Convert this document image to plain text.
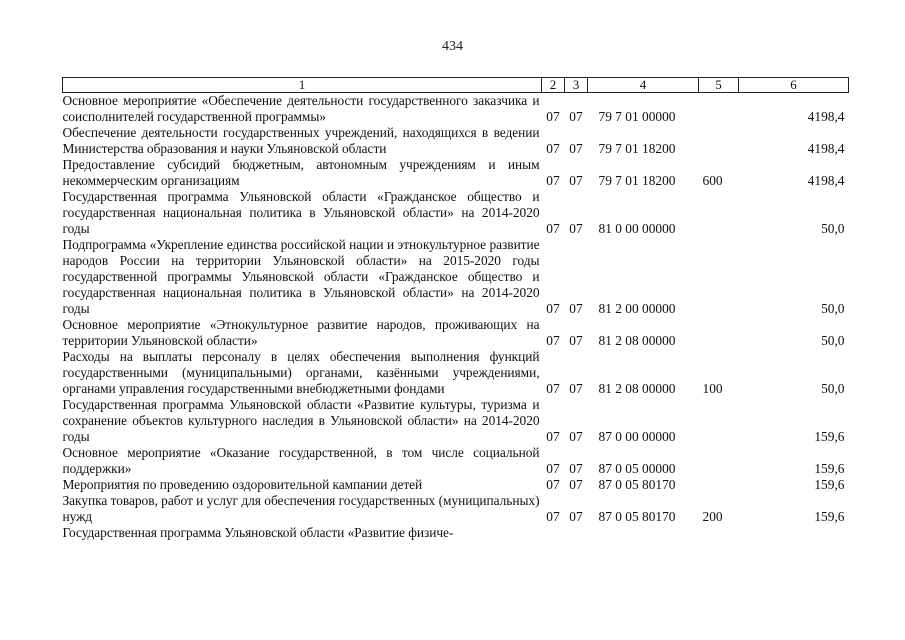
434
1	2	3	4	5	6
Основное мероприятие «Обеспечение деятельности государственного заказчика и соисполнителей государственной программы»	07	07	79 7 01 00000		4198,4
Обеспечение деятельности государственных учреждений, находящихся в ведении Министерства образования и науки Ульяновской области	07	07	79 7 01 18200		4198,4
Предоставление субсидий бюджетным, автономным учреждениям и иным некоммерческим организациям	07	07	79 7 01 18200	600	4198,4
Государственная программа Ульяновской области «Гражданское общество и государственная национальная политика в Ульяновской области» на 2014-2020 годы	07	07	81 0 00 00000		50,0
Подпрограмма «Укрепление единства российской нации и этнокультурное развитие народов России на территории Ульяновской области» на 2015-2020 годы государственной программы Ульяновской области «Гражданское общество и государственная национальная политика в Ульяновской области» на 2014-2020 годы	07	07	81 2 00 00000		50,0
Основное мероприятие «Этнокультурное развитие народов, проживающих на территории Ульяновской области»	07	07	81 2 08 00000		50,0
Расходы на выплаты персоналу в целях обеспечения выполнения функций государственными (муниципальными) органами, казёнными учреждениями, органами управления государственными внебюджетными фондами	07	07	81 2 08 00000	100	50,0
Государственная программа Ульяновской области «Развитие культуры, туризма и сохранение объектов культурного наследия в Ульяновской области» на 2014-2020 годы	07	07	87 0 00 00000		159,6
Основное мероприятие «Оказание государственной, в том числе социальной поддержки»	07	07	87 0 05 00000		159,6
Мероприятия по проведению оздоровительной кампании детей	07	07	87 0 05 80170		159,6
Закупка товаров, работ и услуг для обеспечения государственных (муниципальных) нужд	07	07	87 0 05 80170	200	159,6
Государственная программа Ульяновской области «Развитие физиче-					
